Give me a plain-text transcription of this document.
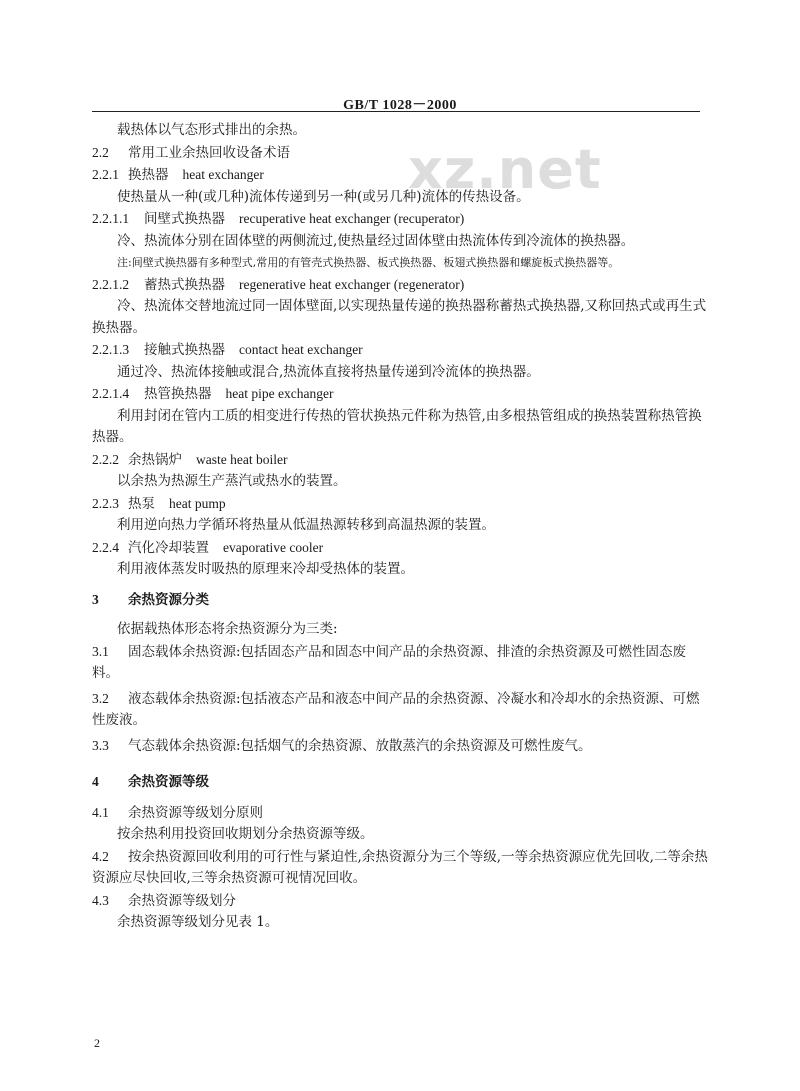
GB/T 1028－2000
xz.net
载热体以气态形式排出的余热。
2.2 常用工业余热回收设备术语
2.2.1 换热器 heat exchanger
使热量从一种(或几种)流体传递到另一种(或另几种)流体的传热设备。
2.2.1.1 间壁式换热器 recuperative heat exchanger (recuperator)
冷、热流体分别在固体壁的两侧流过,使热量经过固体壁由热流体传到冷流体的换热器。
注:间壁式换热器有多种型式,常用的有管壳式换热器、板式换热器、板翅式换热器和螺旋板式换热器等。
2.2.1.2 蓄热式换热器 regenerative heat exchanger (regenerator)
冷、热流体交替地流过同一固体壁面,以实现热量传递的换热器称蓄热式换热器,又称回热式或再生式换热器。
2.2.1.3 接触式换热器 contact heat exchanger
通过冷、热流体接触或混合,热流体直接将热量传递到冷流体的换热器。
2.2.1.4 热管换热器 heat pipe exchanger
利用封闭在管内工质的相变进行传热的管状换热元件称为热管,由多根热管组成的换热装置称热管换热器。
2.2.2 余热锅炉 waste heat boiler
以余热为热源生产蒸汽或热水的装置。
2.2.3 热泵 heat pump
利用逆向热力学循环将热量从低温热源转移到高温热源的装置。
2.2.4 汽化冷却装置 evaporative cooler
利用液体蒸发时吸热的原理来冷却受热体的装置。
3 余热资源分类
依据载热体形态将余热资源分为三类:
3.1 固态载体余热资源:包括固态产品和固态中间产品的余热资源、排渣的余热资源及可燃性固态废料。
3.2 液态载体余热资源:包括液态产品和液态中间产品的余热资源、冷凝水和冷却水的余热资源、可燃性废液。
3.3 气态载体余热资源:包括烟气的余热资源、放散蒸汽的余热资源及可燃性废气。
4 余热资源等级
4.1 余热资源等级划分原则
按余热利用投资回收期划分余热资源等级。
4.2 按余热资源回收利用的可行性与紧迫性,余热资源分为三个等级,一等余热资源应优先回收,二等余热资源应尽快回收,三等余热资源可视情况回收。
4.3 余热资源等级划分
余热资源等级划分见表 1。
2
